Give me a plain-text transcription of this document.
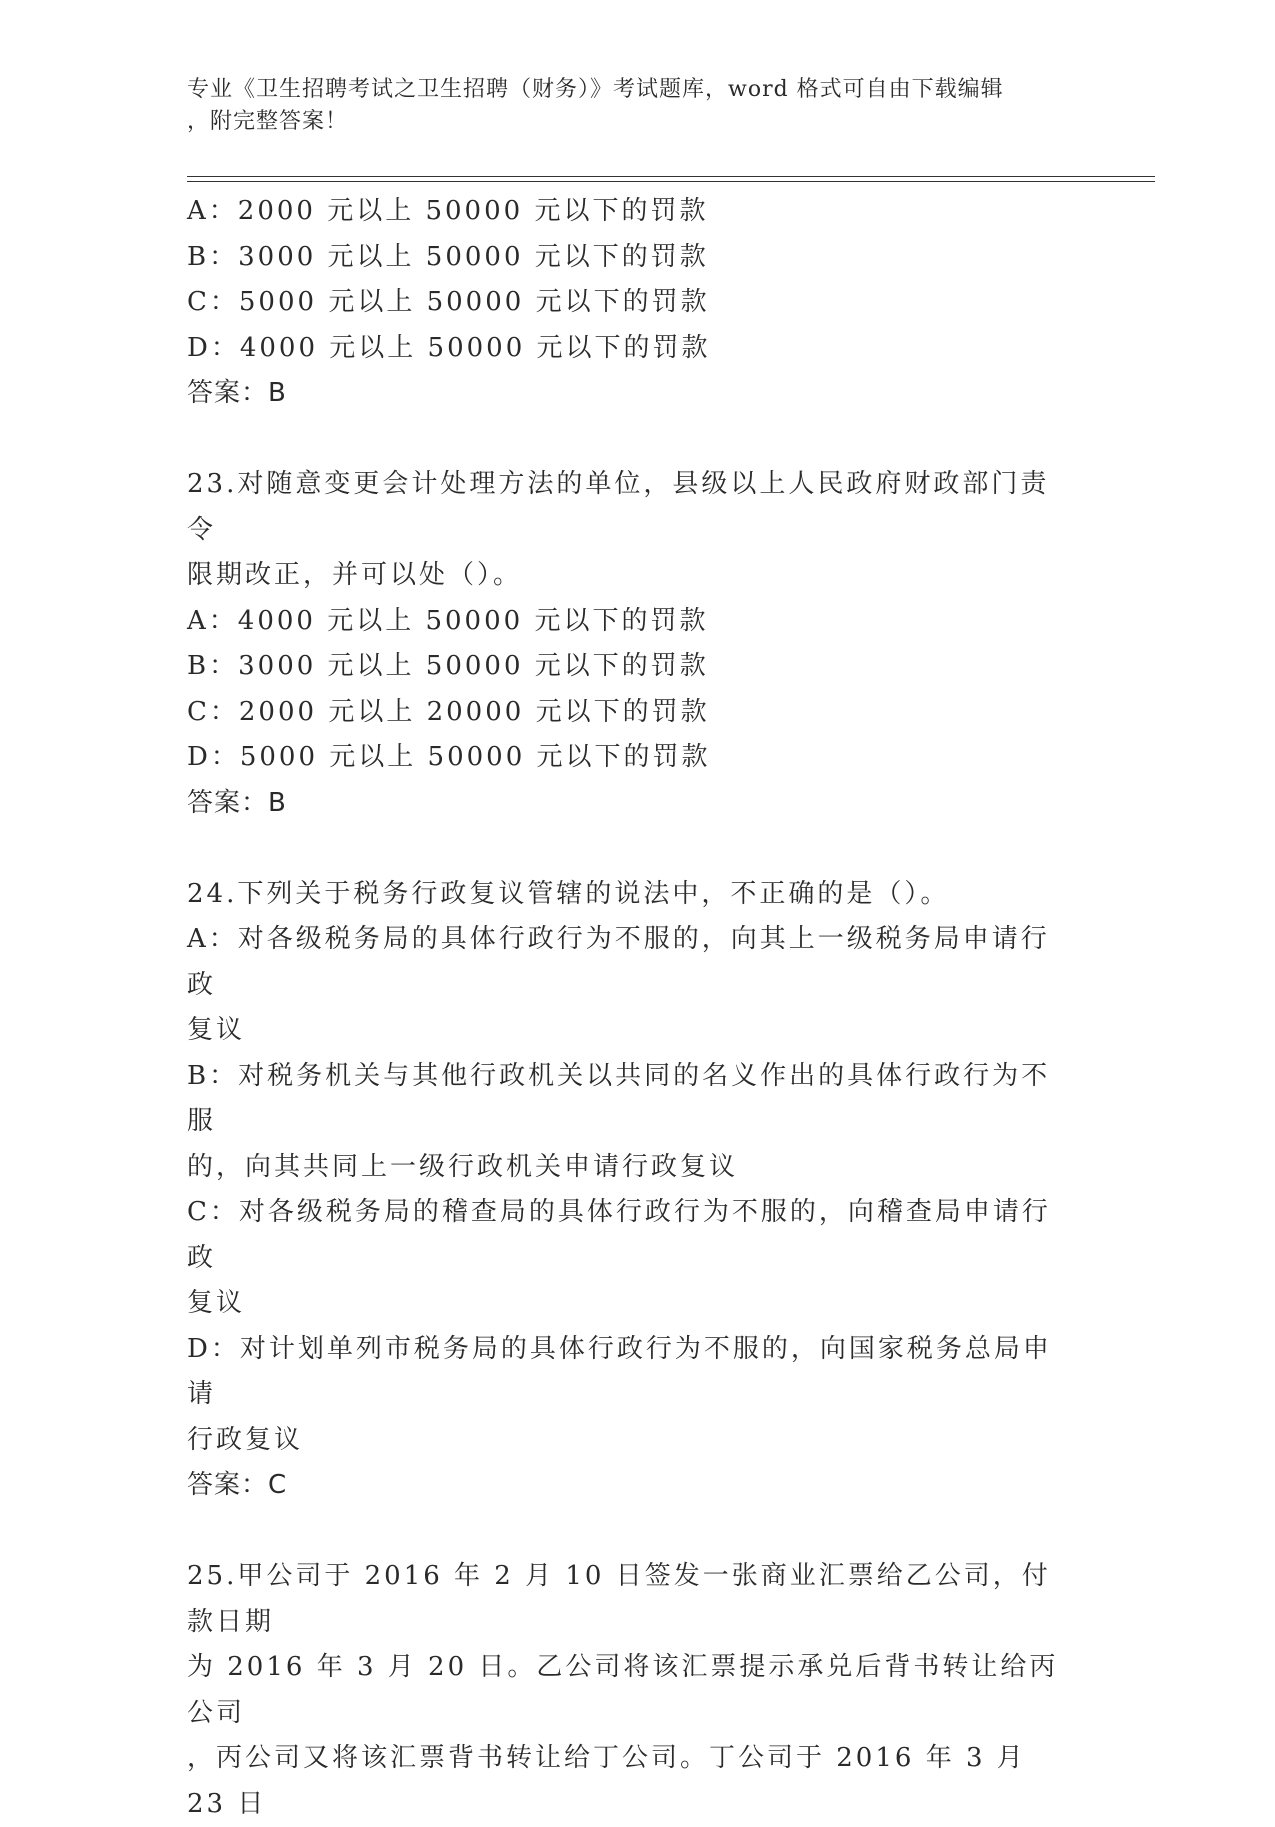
专业《卫生招聘考试之卫生招聘（财务）》考试题库，word 格式可自由下载编辑
，附完整答案！

A：2000 元以上 50000 元以下的罚款

B：3000 元以上 50000 元以下的罚款

C：5000 元以上 50000 元以下的罚款

D：4000 元以上 50000 元以下的罚款

答案：B

23.对随意变更会计处理方法的单位，县级以上人民政府财政部门责令

限期改正，并可以处（）。

A：4000 元以上 50000 元以下的罚款

B：3000 元以上 50000 元以下的罚款

C：2000 元以上 20000 元以下的罚款

D：5000 元以上 50000 元以下的罚款

答案：B

24.下列关于税务行政复议管辖的说法中，不正确的是（）。

A：对各级税务局的具体行政行为不服的，向其上一级税务局申请行政

复议

B：对税务机关与其他行政机关以共同的名义作出的具体行政行为不服

的，向其共同上一级行政机关申请行政复议

C：对各级税务局的稽查局的具体行政行为不服的，向稽查局申请行政

复议

D：对计划单列市税务局的具体行政行为不服的，向国家税务总局申请

行政复议

答案：C

25.甲公司于 2016 年 2 月 10 日签发一张商业汇票给乙公司，付款日期

为 2016 年 3 月 20 日。乙公司将该汇票提示承兑后背书转让给丙公司

，丙公司又将该汇票背书转让给丁公司。丁公司于 2016 年 3 月 23 日
